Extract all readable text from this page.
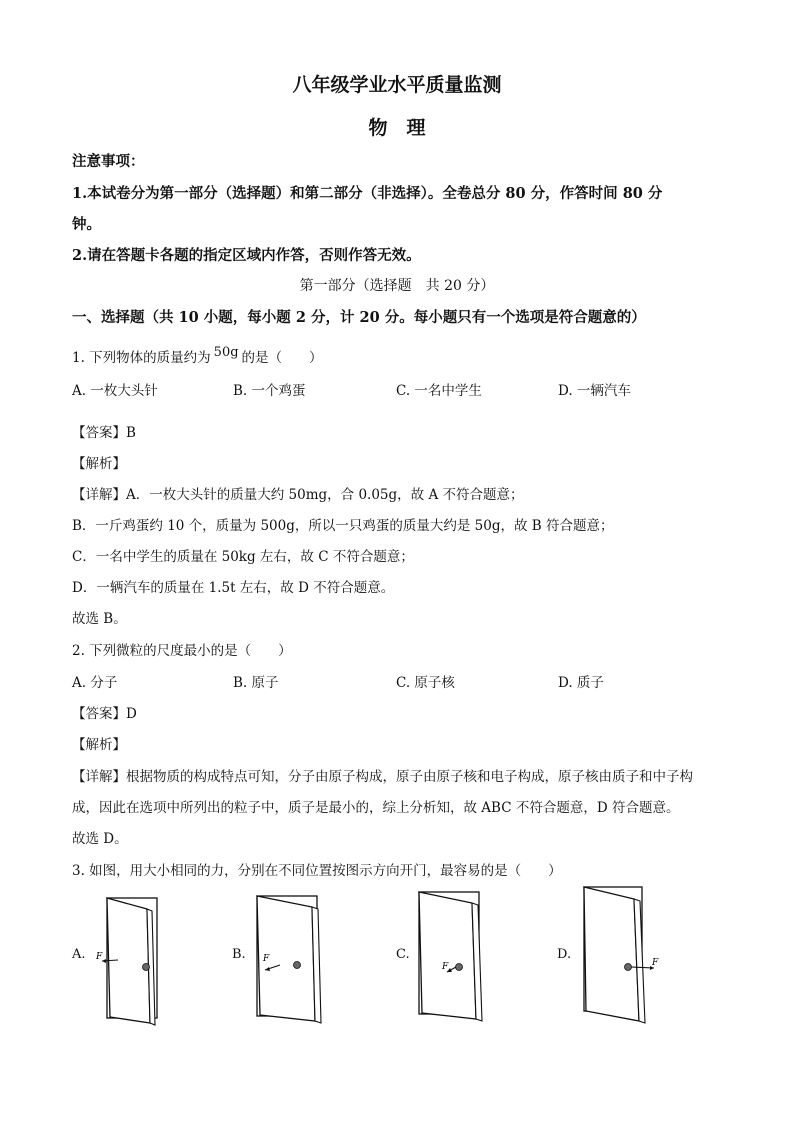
八年级学业水平质量监测
物　理
注意事项：
1.本试卷分为第一部分（选择题）和第二部分（非选择）。全卷总分 80 分，作答时间 80 分
钟。
2.请在答题卡各题的指定区域内作答，否则作答无效。
第一部分（选择题　共 20 分）
一、选择题（共 10 小题，每小题 2 分，计 20 分。每小题只有一个选项是符合题意的）
1. 下列物体的质量约为 50g 的是（　　）
A. 一枚大头针	B. 一个鸡蛋	C. 一名中学生	D. 一辆汽车
【答案】B
【解析】
【详解】A．一枚大头针的质量大约 50mg，合 0.05g，故 A 不符合题意；
B．一斤鸡蛋约 10 个，质量为 500g，所以一只鸡蛋的质量大约是 50g，故 B 符合题意；
C．一名中学生的质量在 50kg 左右，故 C 不符合题意；
D．一辆汽车的质量在 1.5t 左右，故 D 不符合题意。
故选 B。
2. 下列微粒的尺度最小的是（　　）
A. 分子	B. 原子	C. 原子核	D. 质子
【答案】D
【解析】
【详解】根据物质的构成特点可知，分子由原子构成，原子由原子核和电子构成，原子核由质子和中子构
成，因此在选项中所列出的粒子中，质子是最小的，综上分析知，故 ABC 不符合题意，D 符合题意。
故选 D。
3. 如图，用大小相同的力，分别在不同位置按图示方向开门，最容易的是（　　）
A.	B.	C.	D.
F	F
F	F
